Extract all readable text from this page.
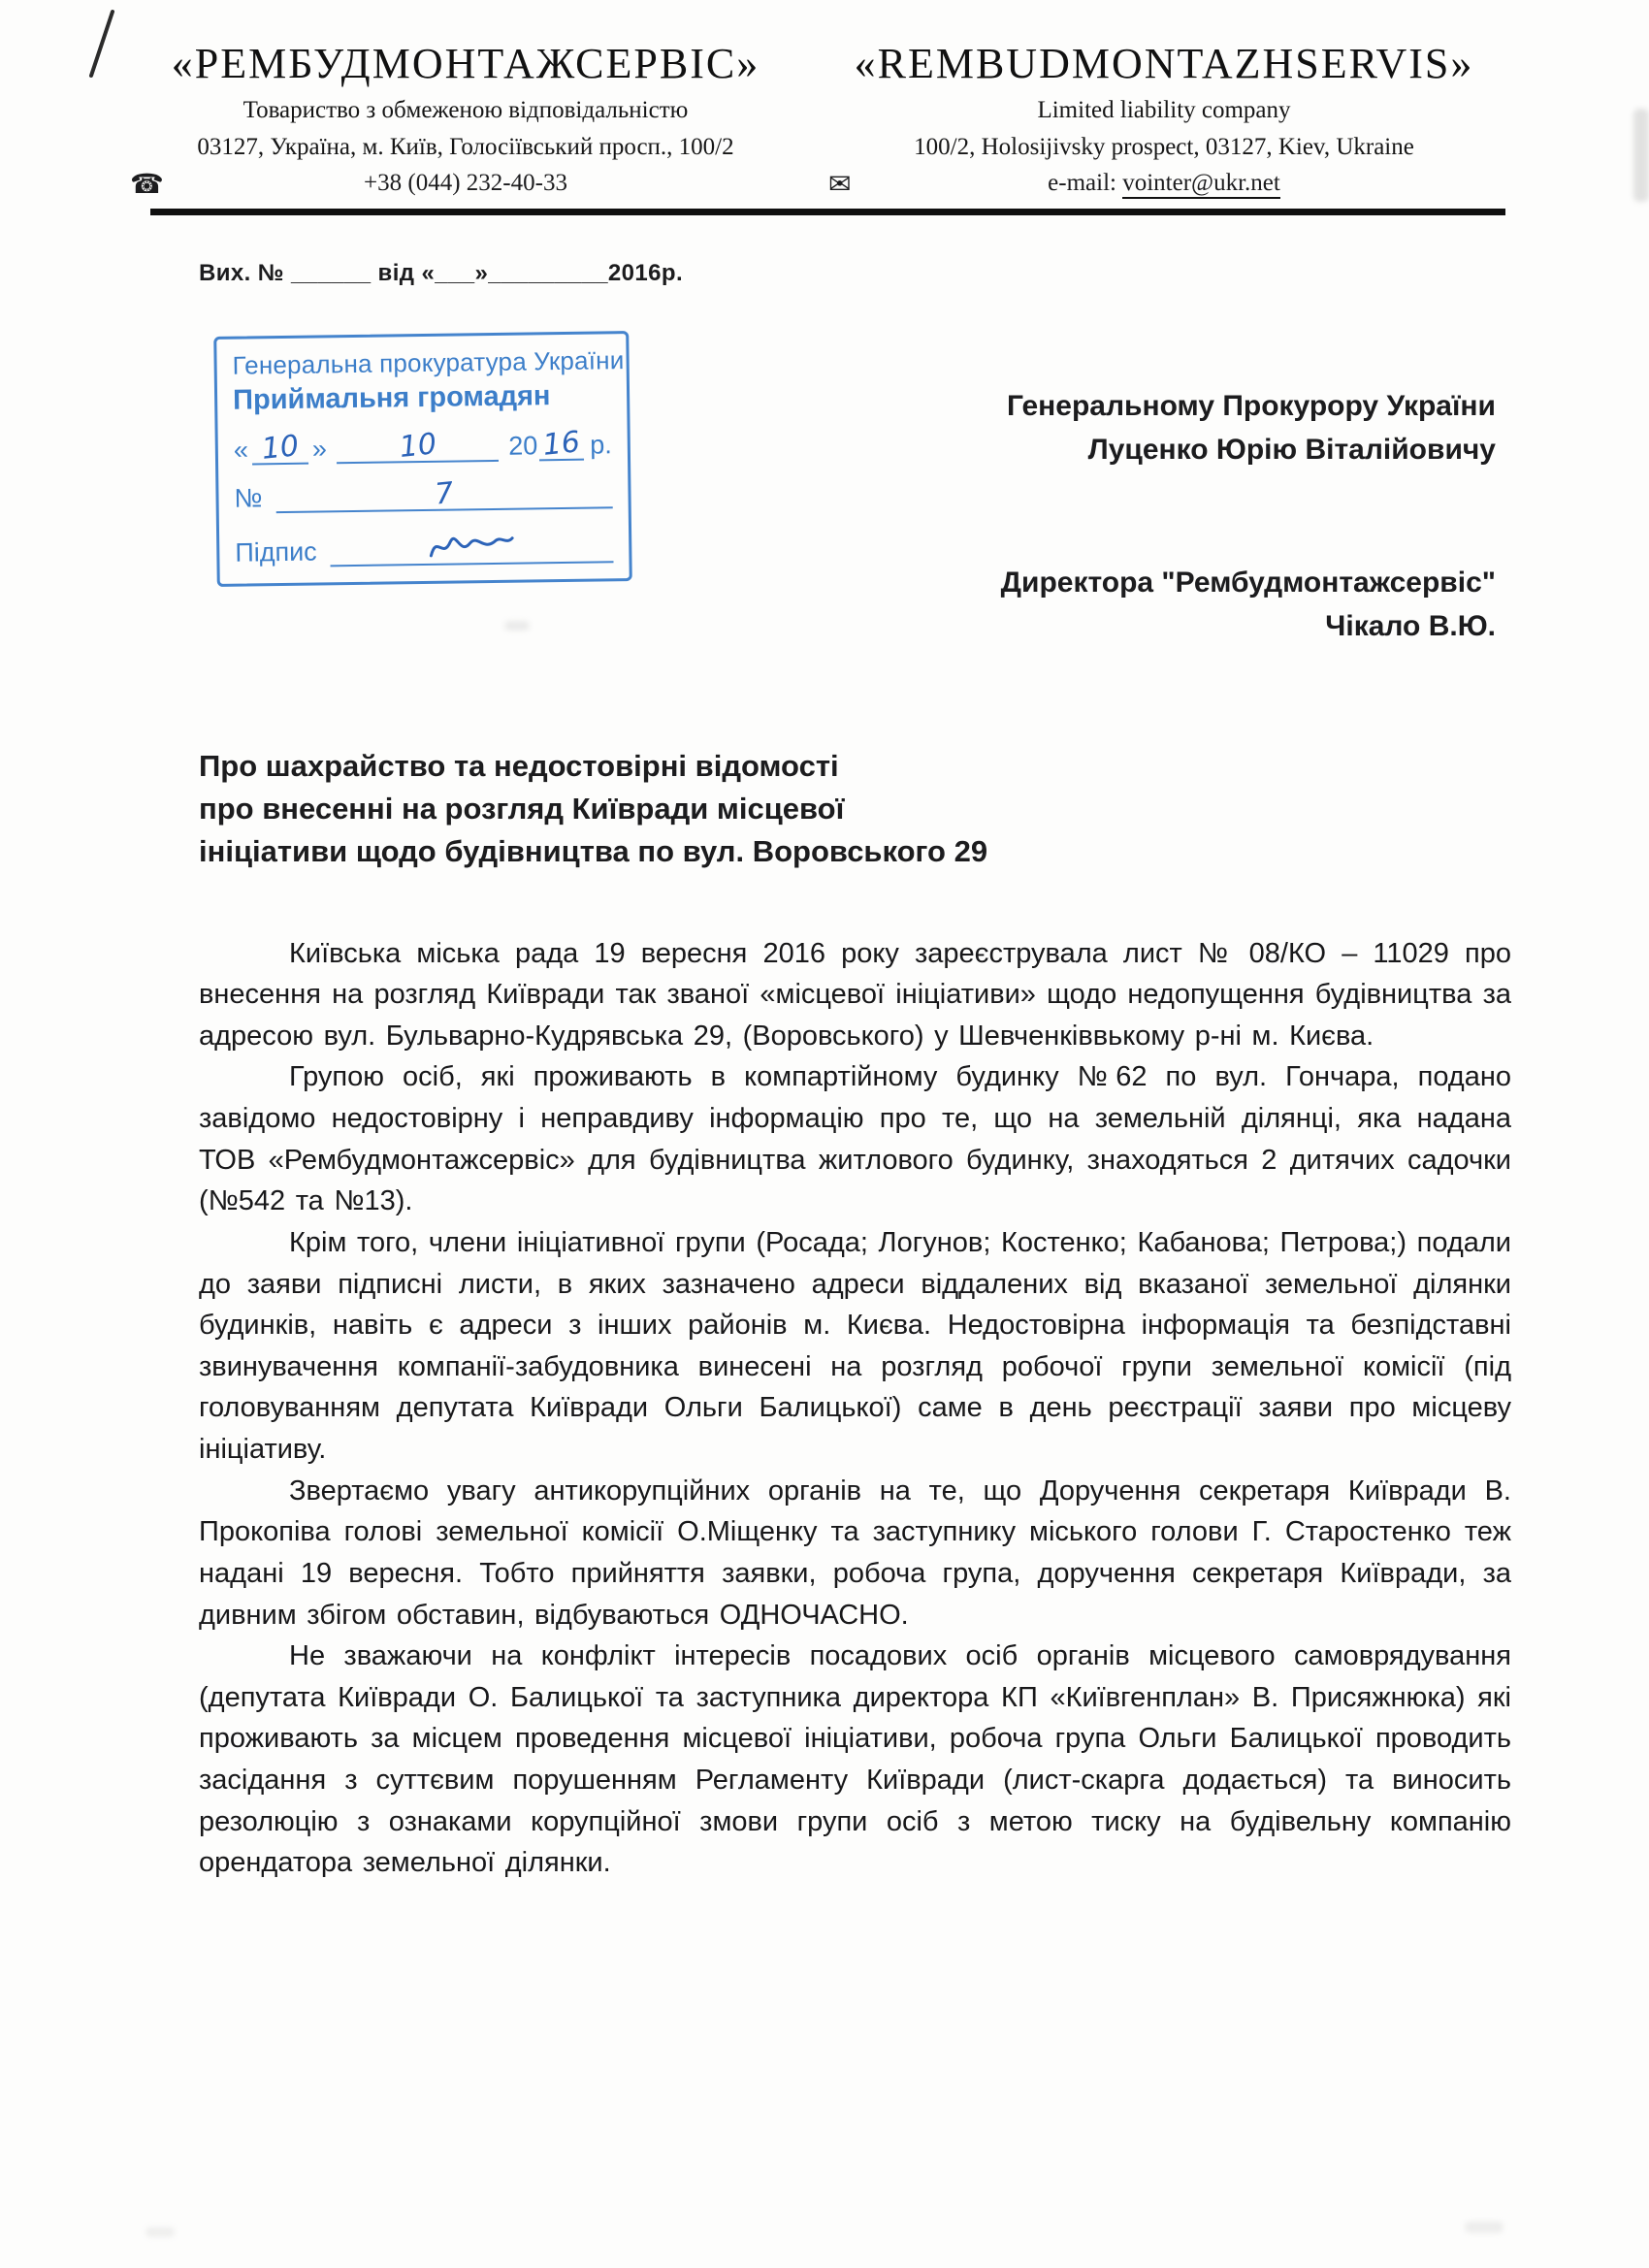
«РЕМБУДМОНТАЖСЕРВІС»
Товариство з обмеженою відповідальністю
03127, Україна, м. Київ, Голосіївський просп., 100/2
☎	+38 (044) 232-40-33
«REMBUDMONTAZHSERVIS»
Limited liability company
100/2, Holosijivsky prospect, 03127, Kiev, Ukraine
✉	e-mail: vointer@ukr.net
Вих. № ______ від «___»_________2016р.
Генеральна прокуратура України
Приймальня громадян
« 10 » 10	20 16 р.
№	7
Підпис
Генеральному Прокурору України
Луценко Юрію Віталійовичу
Директора "Рембудмонтажсервіс"
Чікало В.Ю.
Про шахрайство та недостовірні відомості
про внесенні на розгляд Київради місцевої
ініціативи щодо будівництва по вул. Воровського 29

Київська міська рада 19 вересня 2016 року зареєструвала лист № 08/КО – 11029 про внесення на розгляд Київради так званої «місцевої ініціативи» щодо недопущення будівництва за адресою вул. Бульварно-Кудрявська 29, (Воровського) у Шевченківвькому р-ні м. Києва.

Групою осіб, які проживають в компартійному будинку №62 по вул. Гончара, подано завідомо недостовірну і неправдиву інформацію про те, що на земельній ділянці, яка надана ТОВ «Рембудмонтажсервіс» для будівництва житлового будинку, знаходяться 2 дитячих садочки (№542 та №13).

Крім того, члени ініціативної групи (Росада; Логунов; Костенко; Кабанова; Петрова;) подали до заяви підписні листи, в яких зазначено адреси віддалених від вказаної земельної ділянки будинків, навіть є адреси з інших районів м. Києва. Недостовірна інформація та безпідставні звинувачення компанії-забудовника винесені на розгляд робочої групи земельної комісії (під головуванням депутата Київради Ольги Балицької) саме в день реєстрації заяви про місцеву ініціативу.

Звертаємо увагу антикорупційних органів на те, що Доручення секретаря Київради В. Прокопіва голові земельної комісії О.Міщенку та заступнику міського голови Г. Старостенко теж надані 19 вересня. Тобто прийняття заявки, робоча група, доручення секретаря Київради, за дивним збігом обставин, відбуваються ОДНОЧАСНО.

Не зважаючи на конфлікт інтересів посадових осіб органів місцевого самоврядування (депутата Київради О. Балицької та заступника директора КП «Київгенплан» В. Присяжнюка) які проживають за місцем проведення місцевої ініціативи, робоча група Ольги Балицької проводить засідання з суттєвим порушенням Регламенту Київради (лист-скарга додається) та виносить резолюцію з ознаками корупційної змови групи осіб з метою тиску на будівельну компанію орендатора земельної ділянки.
